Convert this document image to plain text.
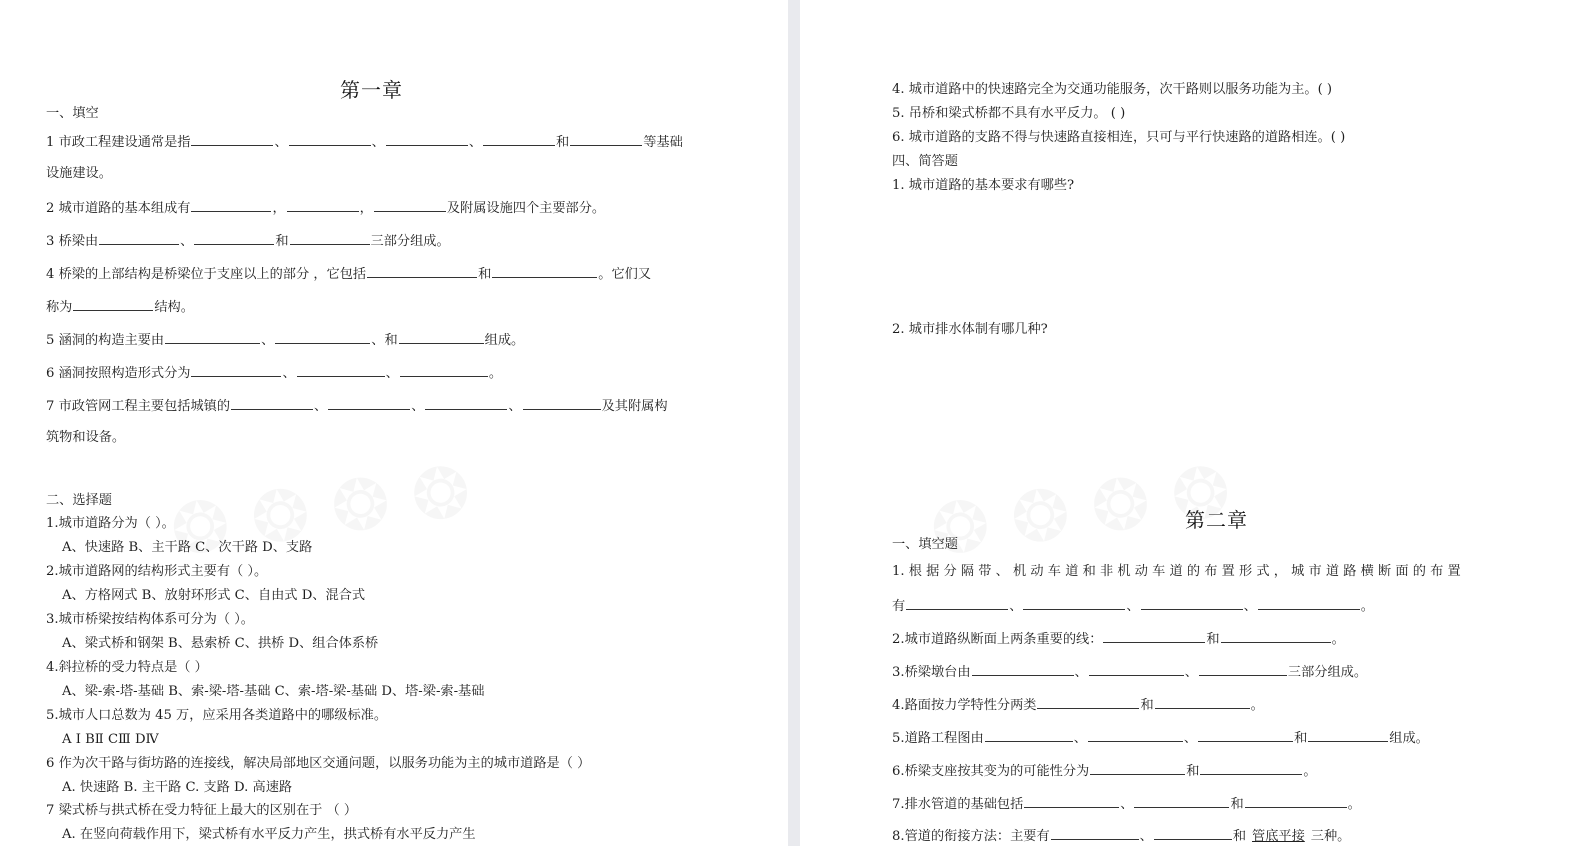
第一章
一、填空
1 市政工程建设通常是指	、	、	、	和	等基础
设施建设。
2 城市道路的基本组成有	，	，	及附属设施四个主要部分。
3 桥梁由	、	和	三部分组成。
4 桥梁的上部结构是桥梁位于支座以上的部分 ，它包括	和	。它们又
称为	结构。
5 涵洞的构造主要由	、	、和	组成。
6 涵洞按照构造形式分为	、	、	。
7 市政管网工程主要包括城镇的	、	、	、	及其附属构
筑物和设备。
二、选择题
1.城市道路分为（ ）。
A、快速路 B、主干路 C、次干路 D、支路
2.城市道路网的结构形式主要有（ ）。
A、方格网式 B、放射环形式 C、自由式 D、混合式
3.城市桥梁按结构体系可分为（ ）。
A、梁式桥和钢架 B、悬索桥 C、拱桥 D、组合体系桥
4.斜拉桥的受力特点是（ ）
A、梁-索-塔-基础 B、索-梁-塔-基础 C、索-塔-梁-基础 D、塔-梁-索-基础
5.城市人口总数为 45 万，应采用各类道路中的哪级标准。
A Ⅰ BⅡ CⅢ DⅣ
6 作为次干路与街坊路的连接线，解决局部地区交通问题，以服务功能为主的城市道路是（ ）
A. 快速路 B. 主干路 C. 支路 D. 高速路
7 梁式桥与拱式桥在受力特征上最大的区别在于 （ ）
A. 在竖向荷载作用下，梁式桥有水平反力产生，拱式桥有水平反力产生
4. 城市道路中的快速路完全为交通功能服务，次干路则以服务功能为主。( )
5. 吊桥和梁式桥都不具有水平反力。 ( )
6. 城市道路的支路不得与快速路直接相连，只可与平行快速路的道路相连。( )
四、简答题
1. 城市道路的基本要求有哪些?
2. 城市排水体制有哪几种?
第二章
一、填空题
1. 根 据 分 隔 带 、 机 动 车 道 和 非 机 动 车 道 的 布 置 形 式 ， 城 市 道 路 横 断 面 的 布 置
有	、	、	、	。
2.城市道路纵断面上两条重要的线：	和	。
3.桥梁墩台由	、	、	三部分组成。
4.路面按力学特性分两类	和	。
5.道路工程图由	、	、	和	组成。
6.桥梁支座按其变为的可能性分为	和	。
7.排水管道的基础包括	、	和	。
8.管道的衔接方法：主要有	、	和 管底平接 三种。
